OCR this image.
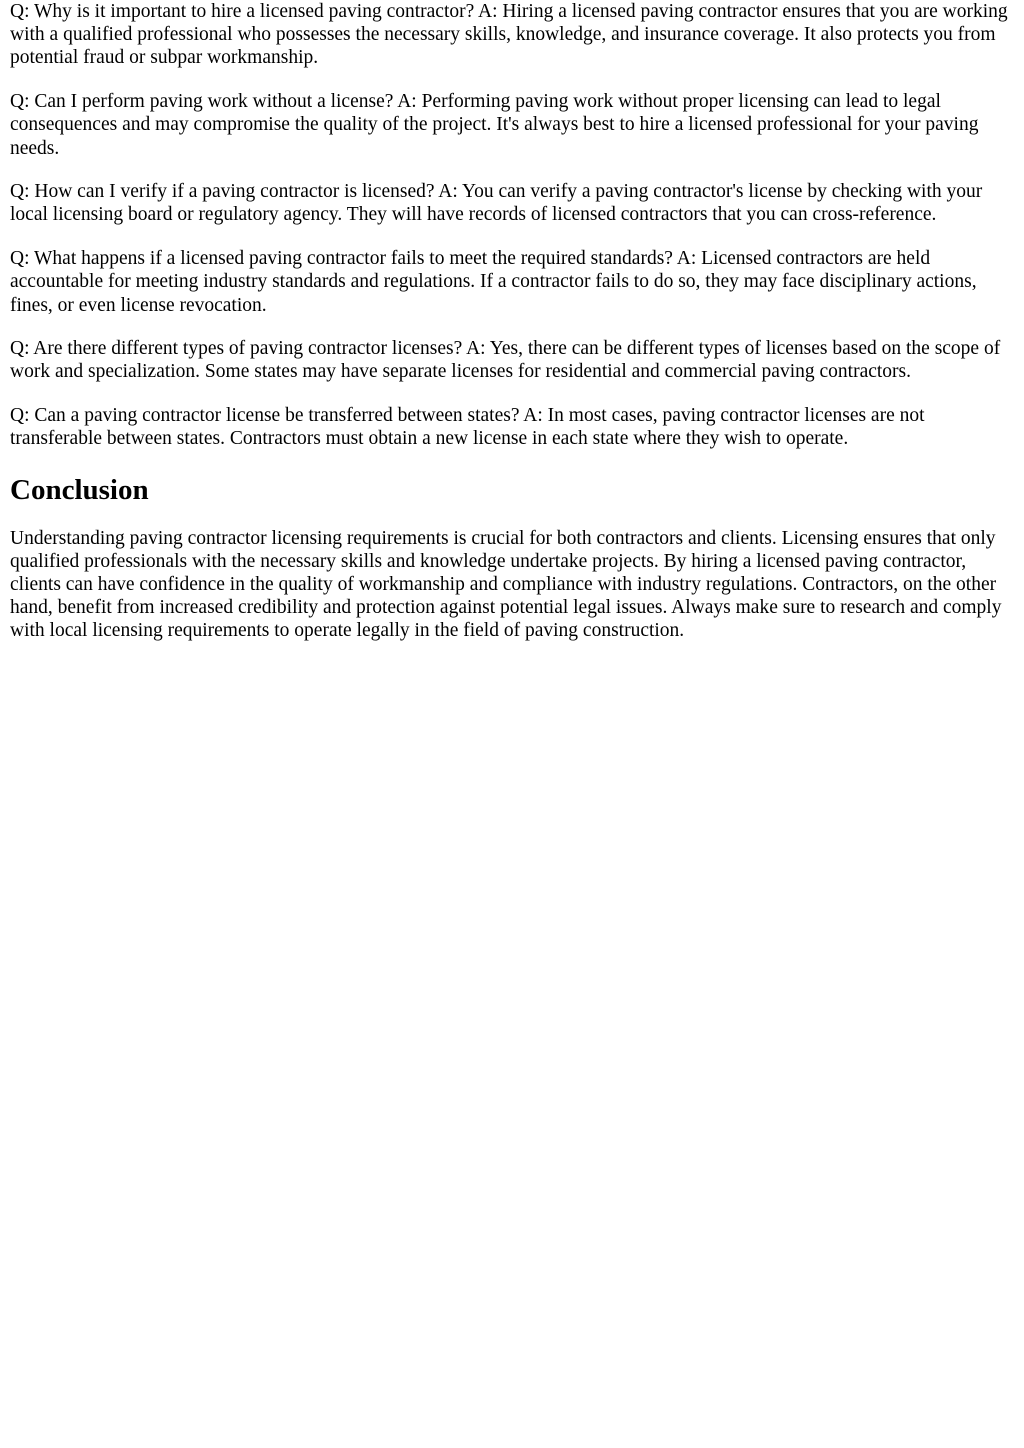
Q: Why is it important to hire a licensed paving contractor? A: Hiring a licensed paving contractor ensures that you are working with a qualified professional who possesses the necessary skills, knowledge, and insurance coverage. It also protects you from potential fraud or subpar workmanship.

Q: Can I perform paving work without a license? A: Performing paving work without proper licensing can lead to legal consequences and may compromise the quality of the project. It's always best to hire a licensed professional for your paving needs.

Q: How can I verify if a paving contractor is licensed? A: You can verify a paving contractor's license by checking with your local licensing board or regulatory agency. They will have records of licensed contractors that you can cross-reference.

Q: What happens if a licensed paving contractor fails to meet the required standards? A: Licensed contractors are held accountable for meeting industry standards and regulations. If a contractor fails to do so, they may face disciplinary actions, fines, or even license revocation.

Q: Are there different types of paving contractor licenses? A: Yes, there can be different types of licenses based on the scope of work and specialization. Some states may have separate licenses for residential and commercial paving contractors.

Q: Can a paving contractor license be transferred between states? A: In most cases, paving contractor licenses are not transferable between states. Contractors must obtain a new license in each state where they wish to operate.

Conclusion

Understanding paving contractor licensing requirements is crucial for both contractors and clients. Licensing ensures that only qualified professionals with the necessary skills and knowledge undertake projects. By hiring a licensed paving contractor, clients can have confidence in the quality of workmanship and compliance with industry regulations. Contractors, on the other hand, benefit from increased credibility and protection against potential legal issues. Always make sure to research and comply with local licensing requirements to operate legally in the field of paving construction.
